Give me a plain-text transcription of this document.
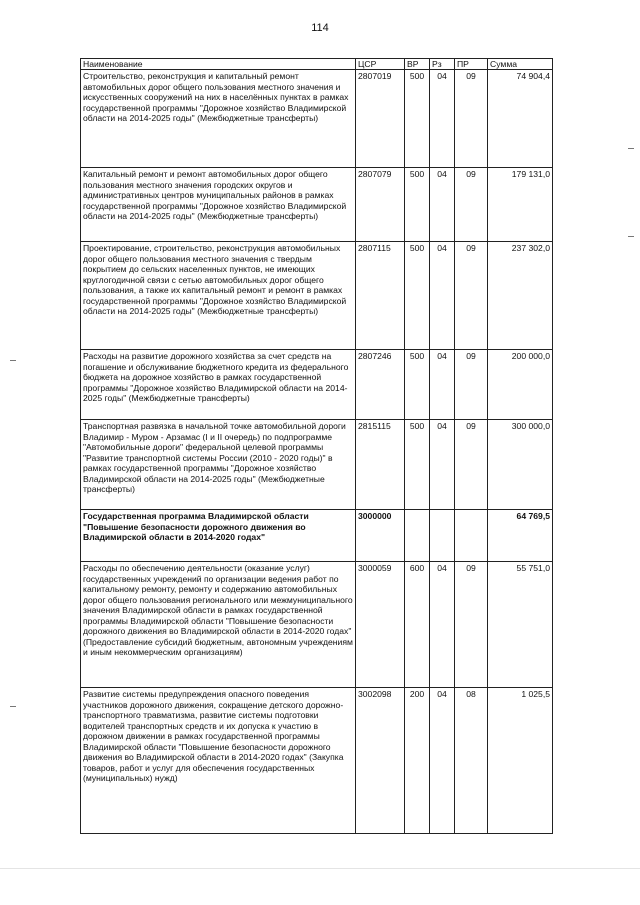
114
Наименование	ЦСР	ВР	Рз	ПР	Сумма
Строительство, реконструкция и капитальный ремонт автомобильных дорог общего пользования местного значения и искусственных сооружений на них в населённых пунктах в рамках государственной программы "Дорожное хозяйство Владимирской области на 2014-2025 годы" (Межбюджетные трансферты)	2807019	500	04	09	74 904,4
Капитальный ремонт и ремонт автомобильных дорог общего пользования местного значения городских округов и административных центров муниципальных районов в рамках государственной программы "Дорожное хозяйство Владимирской области на 2014-2025 годы" (Межбюджетные трансферты)	2807079	500	04	09	179 131,0
Проектирование, строительство, реконструкция автомобильных дорог общего пользования местного значения с твердым покрытием до сельских населенных пунктов, не имеющих круглогодичной связи с сетью автомобильных дорог общего пользования, а также их капитальный ремонт и ремонт в рамках государственной программы "Дорожное хозяйство Владимирской области на 2014-2025 годы" (Межбюджетные трансферты)	2807115	500	04	09	237 302,0
Расходы на развитие дорожного хозяйства за счет средств на погашение и обслуживание бюджетного кредита из федерального бюджета на дорожное хозяйство в рамках государственной программы "Дорожное хозяйство Владимирской области на 2014-2025 годы" (Межбюджетные трансферты)	2807246	500	04	09	200 000,0
Транспортная развязка в начальной точке автомобильной дороги Владимир - Муром - Арзамас (I и II очередь) по подпрограмме "Автомобильные дороги" федеральной целевой программы "Развитие транспортной системы России (2010 - 2020 годы)" в рамках государственной программы "Дорожное хозяйство Владимирской области на 2014-2025 годы" (Межбюджетные трансферты)	2815115	500	04	09	300 000,0
Государственная программа Владимирской области "Повышение безопасности дорожного движения во Владимирской области в 2014-2020 годах"	3000000				64 769,5
Расходы по обеспечению деятельности (оказание услуг) государственных учреждений по организации ведения работ по капитальному ремонту, ремонту и содержанию автомобильных дорог общего пользования регионального или межмуниципального значения Владимирской области в рамках государственной программы Владимирской области "Повышение безопасности дорожного движения во Владимирской области в 2014-2020 годах" (Предоставление субсидий бюджетным, автономным учреждениям и иным некоммерческим организациям)	3000059	600	04	09	55 751,0
Развитие системы предупреждения опасного поведения участников дорожного движения, сокращение детского дорожно-транспортного травматизма, развитие системы подготовки водителей транспортных средств и их допуска к участию в дорожном движении в рамках государственной программы Владимирской области "Повышение безопасности дорожного движения во Владимирской области в 2014-2020 годах" (Закупка товаров, работ и услуг для обеспечения государственных (муниципальных) нужд)	3002098	200	04	08	1 025,5
